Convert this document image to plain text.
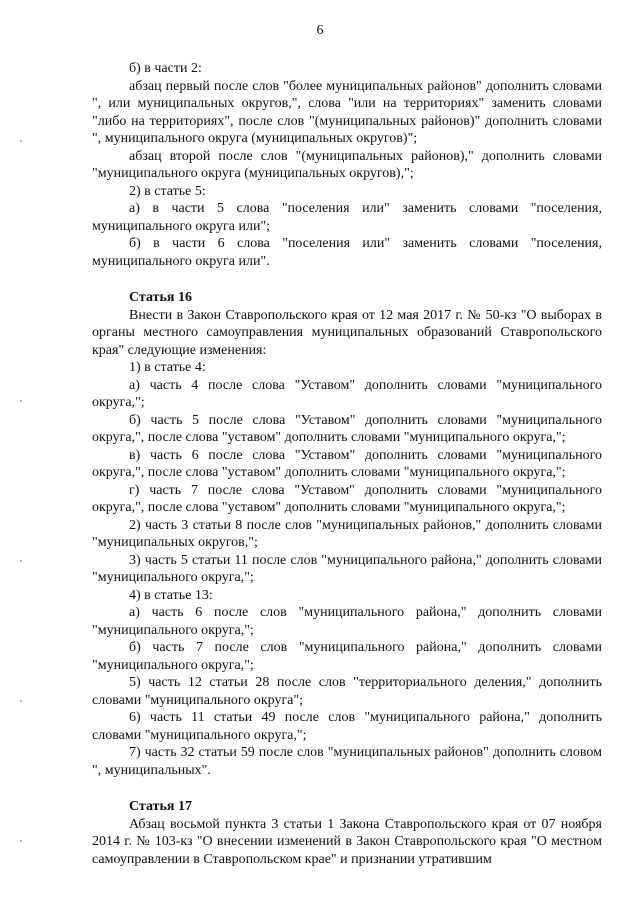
6

б) в части 2:

абзац первый после слов "более муниципальных районов" дополнить словами ", или муниципальных округов,", слова "или на территориях" заменить словами "либо на территориях", после слов "(муниципальных районов)" дополнить словами ", муниципального округа (муниципальных округов)";

абзац второй после слов "(муниципальных районов)," дополнить словами "муниципального округа (муниципальных округов),";

2) в статье 5:

а) в части 5 слова "поселения или" заменить словами "поселения, муниципального округа или";

б) в части 6 слова "поселения или" заменить словами "поселения, муниципального округа или".

Статья 16

Внести в Закон Ставропольского края от 12 мая 2017 г. № 50-кз "О выборах в органы местного самоуправления муниципальных образований Ставропольского края" следующие изменения:

1) в статье 4:

а) часть 4 после слова "Уставом" дополнить словами "муниципального округа,";

б) часть 5 после слова "Уставом" дополнить словами "муниципального округа,", после слова "уставом" дополнить словами "муниципального округа,";

в) часть 6 после слова "Уставом" дополнить словами "муниципального округа,", после слова "уставом" дополнить словами "муниципального округа,";

г) часть 7 после слова "Уставом" дополнить словами "муниципального округа,", после слова "уставом" дополнить словами "муниципального округа,";

2) часть 3 статьи 8 после слов "муниципальных районов," дополнить словами "муниципальных округов,";

3) часть 5 статьи 11 после слов "муниципального района," дополнить словами "муниципального округа,";

4) в статье 13:

а) часть 6 после слов "муниципального района," дополнить словами "муниципального округа,";

б) часть 7 после слов "муниципального района," дополнить словами "муниципального округа,";

5) часть 12 статьи 28 после слов "территориального деления," дополнить словами "муниципального округа";

6) часть 11 статьи 49 после слов "муниципального района," дополнить словами "муниципального округа,";

7) часть 32 статьи 59 после слов "муниципальных районов" дополнить словом ", муниципальных".

Статья 17

Абзац восьмой пункта 3 статьи 1 Закона Ставропольского края от 07 ноября 2014 г. № 103-кз "О внесении изменений в Закон Ставропольского края "О местном самоуправлении в Ставропольском крае" и признании утратившим
